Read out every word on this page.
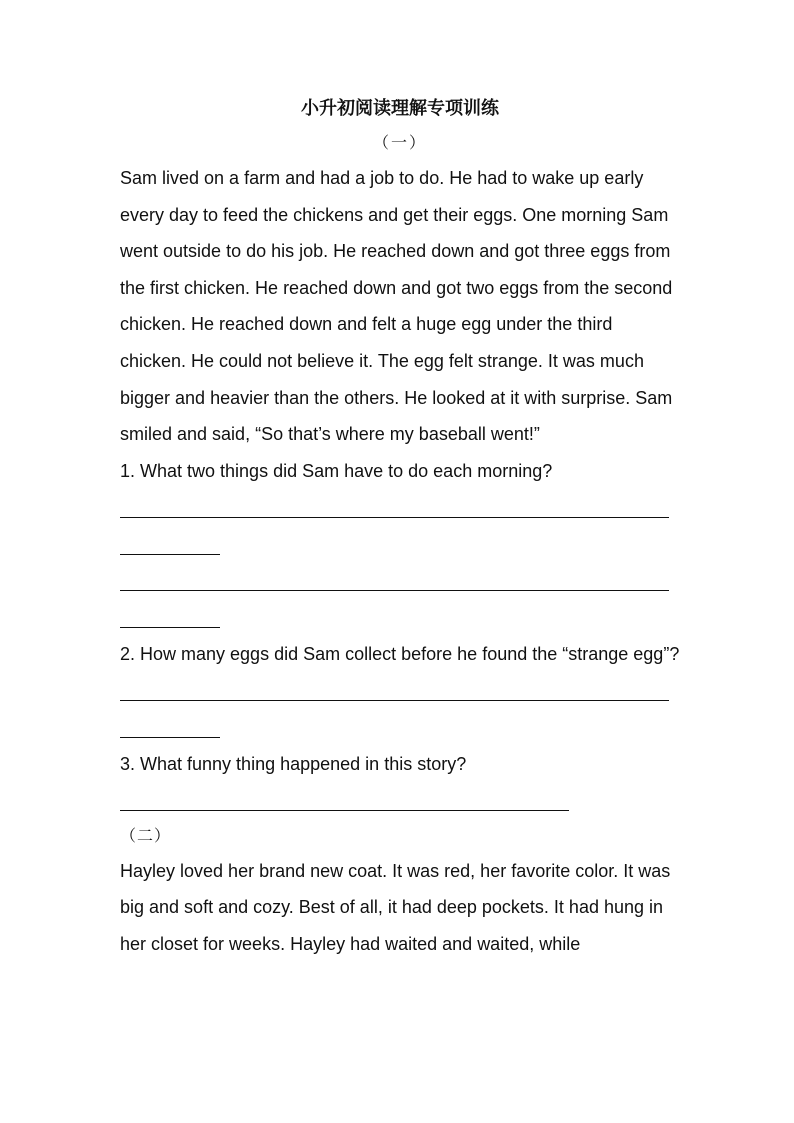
小升初阅读理解专项训练

（一）

Sam lived on a farm and had a job to do. He had to wake up early every day to feed the chickens and get their eggs. One morning Sam went outside to do his job. He reached down and got three eggs from the first chicken. He reached down and got two eggs from the second chicken. He reached down and felt a huge egg under the third chicken. He could not believe it. The egg felt strange. It was much bigger and heavier than the others. He looked at it with surprise. Sam smiled and said, “So that’s where my baseball went!”

1. What two things did Sam have to do each morning?

2. How many eggs did Sam collect before he found the “strange egg”?

3. What funny thing happened in this story?

（二）

Hayley loved her brand new coat. It was red, her favorite color. It was big and soft and cozy. Best of all, it had deep pockets. It had hung in her closet for weeks. Hayley had waited and waited, while
